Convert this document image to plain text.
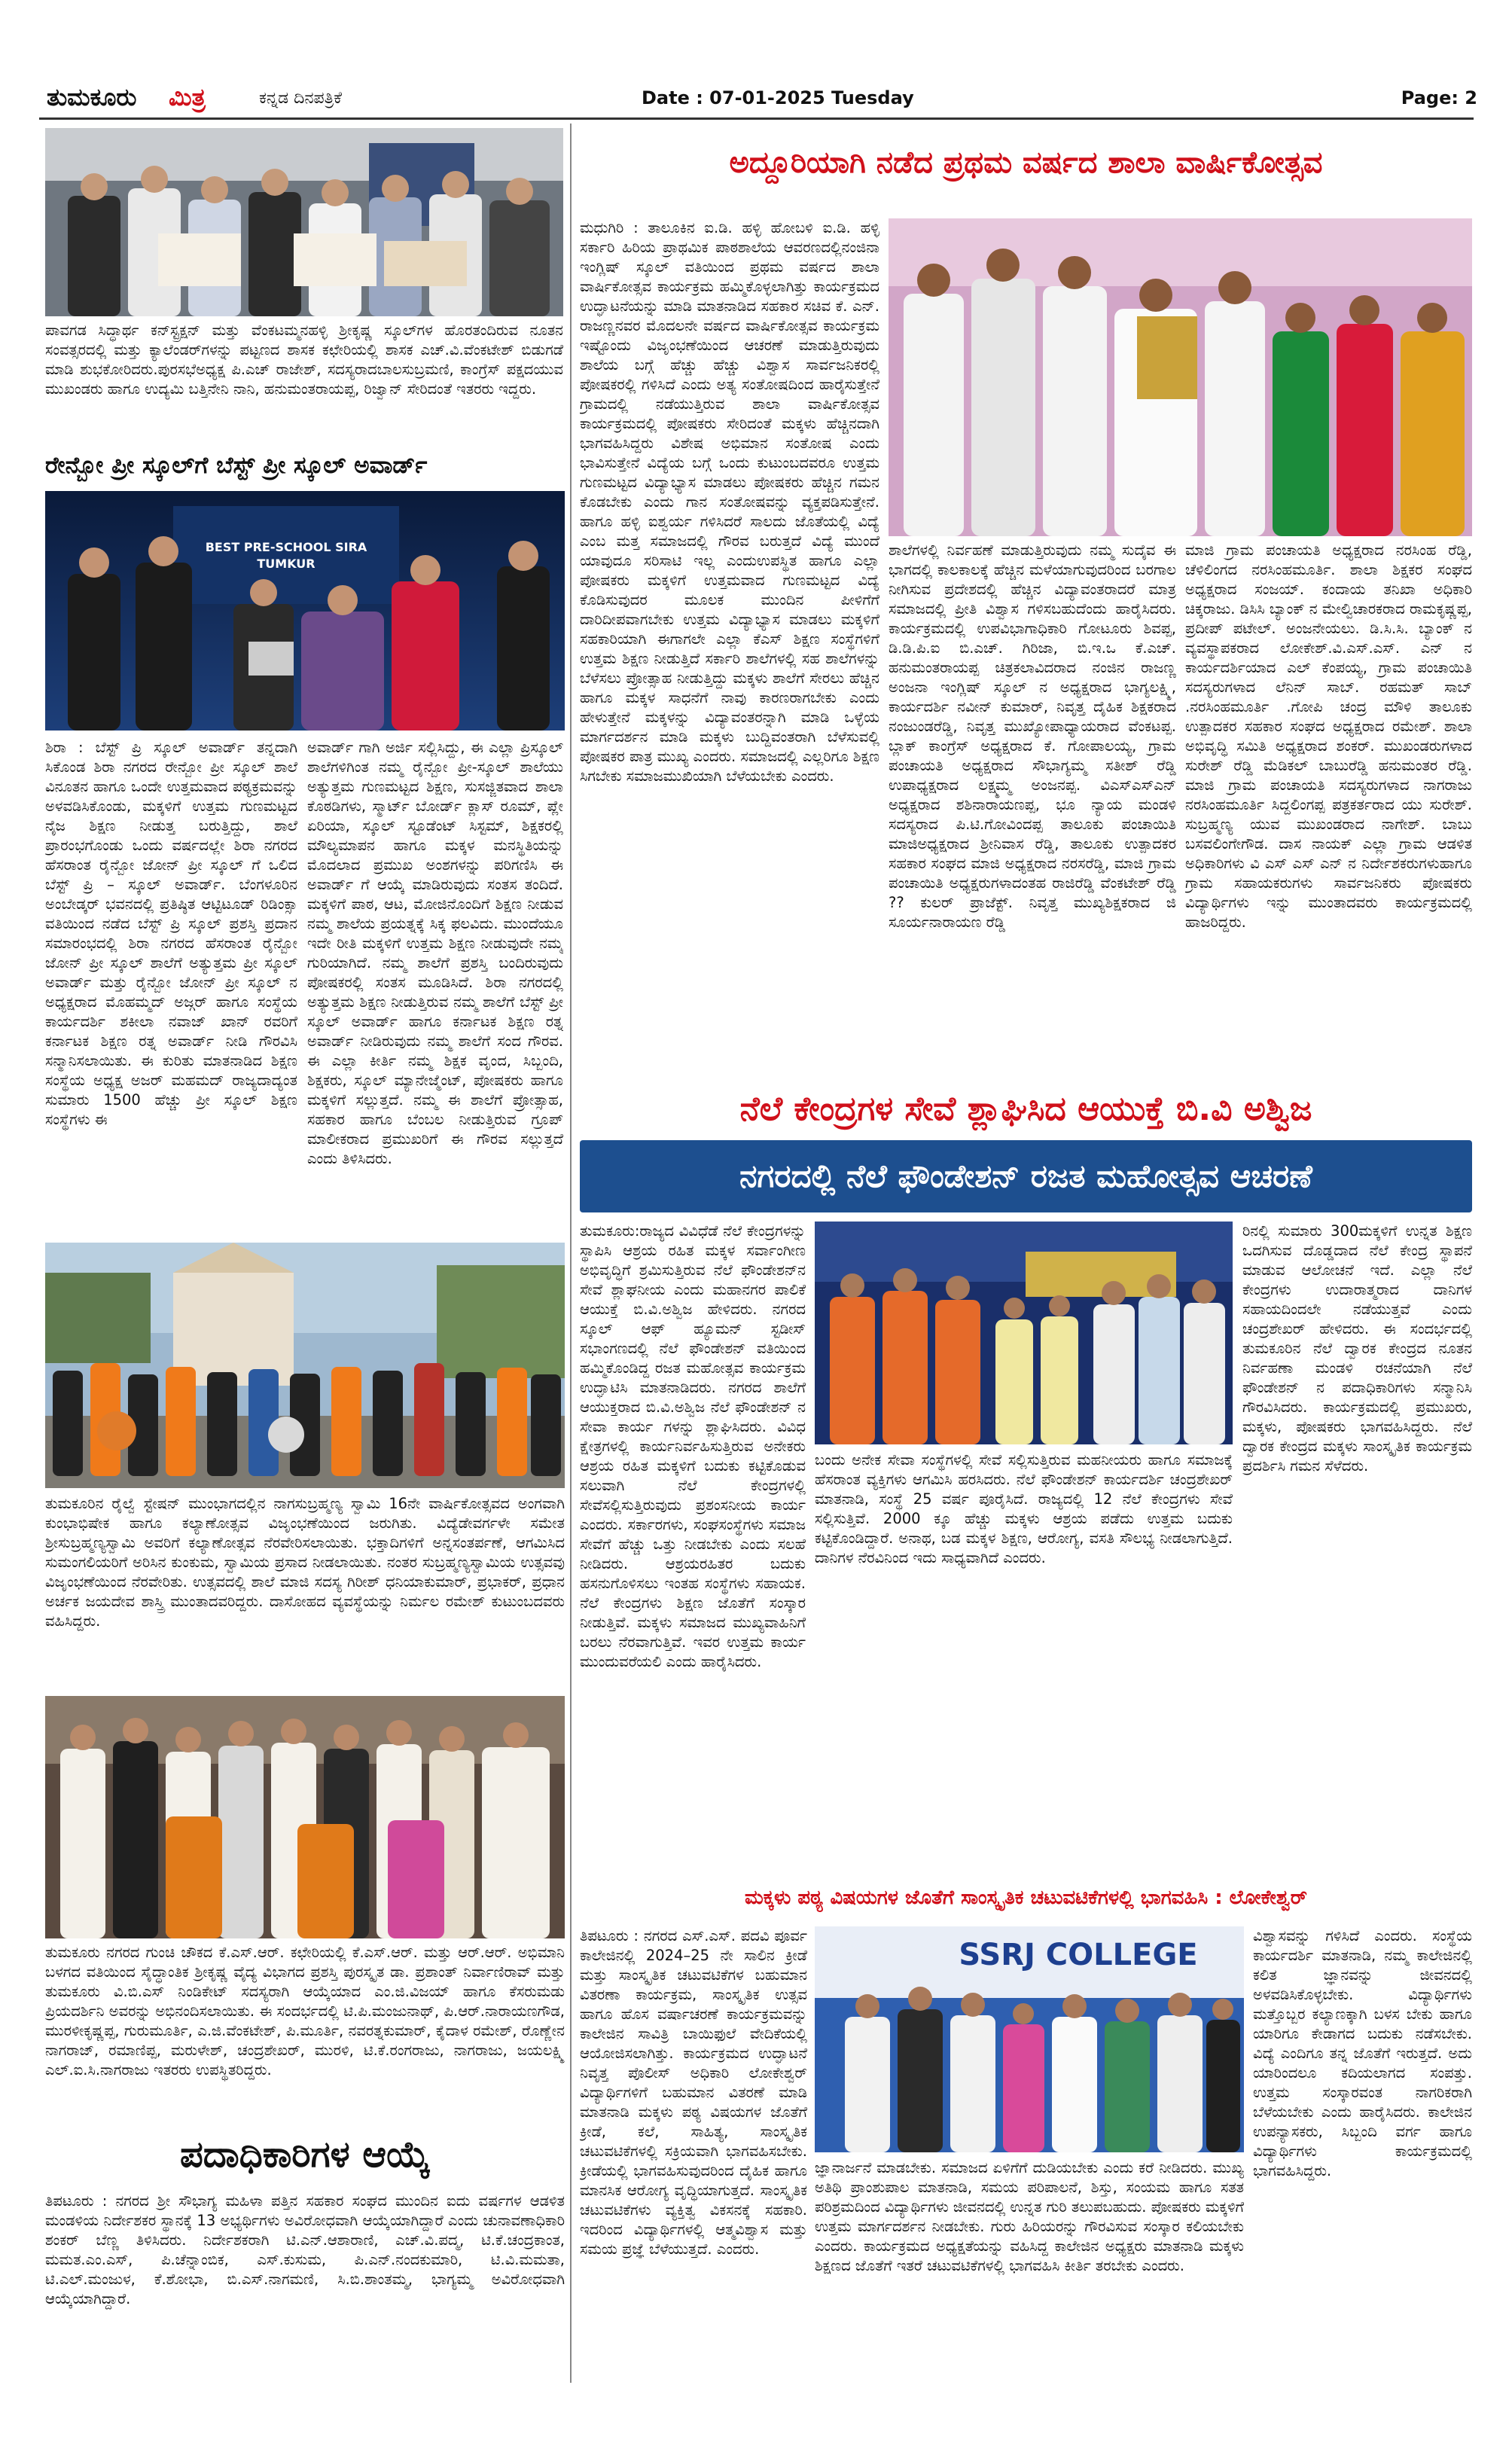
ತುಮಕೂರು ಮಿತ್ರ	ಕನ್ನಡ ದಿನಪತ್ರಿಕೆ	Date : 07-01-2025 Tuesday	Page: 2
ಪಾವಗಡ ಸಿದ್ಧಾರ್ಥ ಕನ್‌ಸ್ಟ್ರಕ್ಷನ್ ಮತ್ತು ವೆಂಕಟಮ್ಮನಹಳ್ಳಿ ಶ್ರೀಕೃಷ್ಣ ಸ್ಕೂಲ್‌ಗಳ ಹೊರತಂದಿರುವ ನೂತನ ಸಂವತ್ಸರದಲ್ಲಿ ಮತ್ತು ಕ್ಯಾಲೆಂಡರ್‌ಗಳನ್ನು ಪಟ್ಟಣದ ಶಾಸಕ ಕಛೇರಿಯಲ್ಲಿ ಶಾಸಕ ಎಚ್.ವಿ.ವೆಂಕಟೇಶ್ ಬಿಡುಗಡೆ ಮಾಡಿ ಶುಭಕೋರಿದರು.ಪುರಸಭೆಅಧ್ಯಕ್ಷ ಪಿ.ಎಚ್ ರಾಜೇಶ್, ಸದಸ್ಯರಾದಬಾಲಸುಬ್ರಮಣಿ, ಕಾಂಗ್ರೆಸ್ ಪಕ್ಷದಯುವ ಮುಖಂಡರು ಹಾಗೂ ಉದ್ಯಮಿ ಬತ್ತಿನೇನಿ ನಾನಿ, ಹನುಮಂತರಾಯಪ್ಪ, ರಿಜ್ವಾನ್ ಸೇರಿದಂತೆ ಇತರರು ಇದ್ದರು.
ರೇನ್ಬೋ ಪ್ರೀ ಸ್ಕೂಲ್‌ಗೆ ಬೆಸ್ಟ್ ಪ್ರೀ ಸ್ಕೂಲ್ ಅವಾರ್ಡ್
BEST PRE-SCHOOL SIRA TUMKUR
ಶಿರಾ : ಬೆಸ್ಟ್ ಪ್ರಿ ಸ್ಕೂಲ್ ಅವಾರ್ಡ್ ತನ್ನದಾಗಿ ಸಿಕೊಂಡ ಶಿರಾ ನಗರದ ರೇನ್ಬೋ ಪ್ರೀ ಸ್ಕೂಲ್ ಶಾಲೆ ವಿನೂತನ ಹಾಗೂ ಒಂದೇ ಉತ್ತಮವಾದ ಪಠ್ಯಕ್ರಮವನ್ನು ಅಳವಡಿಸಿಕೊಂಡು, ಮಕ್ಕಳಿಗೆ ಉತ್ತಮ ಗುಣಮಟ್ಟದ ನೈಜ ಶಿಕ್ಷಣ ನೀಡುತ್ತ ಬರುತ್ತಿದ್ದು, ಶಾಲೆ ಪ್ರಾರಂಭಗೊಂಡು ಒಂದು ವರ್ಷದಲ್ಲೇ ಶಿರಾ ನಗರದ ಹೆಸರಾಂತ ರೈನ್ಬೋ ಜೋನ್ ಪ್ರೀ ಸ್ಕೂಲ್ ಗೆ ಒಲಿದ ಬೆಸ್ಟ್ ಪ್ರಿ – ಸ್ಕೂಲ್ ಅವಾರ್ಡ್. ಬೆಂಗಳೂರಿನ ಅಂಬೇಡ್ಕರ್ ಭವನದಲ್ಲಿ ಪ್ರತಿಷ್ಠಿತ ಆಟ್ಟಿಟೂಡ್ ರಿಡಿಂಕ್ಸಾ ವತಿಯಿಂದ ನಡೆದ ಬೆಸ್ಟ್ ಪ್ರಿ ಸ್ಕೂಲ್ ಪ್ರಶಸ್ತಿ ಪ್ರದಾನ ಸಮಾರಂಭದಲ್ಲಿ ಶಿರಾ ನಗರದ ಹೆಸರಾಂತ ರೈನ್ಬೋ ಜೋನ್ ಪ್ರೀ ಸ್ಕೂಲ್ ಶಾಲೆಗೆ ಅತ್ಯುತ್ತಮ ಪ್ರೀ ಸ್ಕೂಲ್ ಅವಾರ್ಡ್ ಮತ್ತು ರೈನ್ಬೋ ಜೋನ್ ಪ್ರೀ ಸ್ಕೂಲ್ ನ ಅಧ್ಯಕ್ಷರಾದ ಮೊಹಮ್ಮದ್ ಅಜ್ಗರ್ ಹಾಗೂ ಸಂಸ್ಥೆಯ ಕಾರ್ಯದರ್ಶಿ ಶಕೀಲಾ ನವಾಜ್ ಖಾನ್ ರವರಿಗೆ ಕರ್ನಾಟಕ ಶಿಕ್ಷಣ ರತ್ನ ಅವಾರ್ಡ್ ನೀಡಿ ಗೌರವಿಸಿ ಸನ್ಮಾನಿಸಲಾಯಿತು. ಈ ಕುರಿತು ಮಾತನಾಡಿದ ಶಿಕ್ಷಣ ಸಂಸ್ಥೆಯ ಅಧ್ಯಕ್ಷ ಅಜರ್ ಮಹಮದ್ ರಾಜ್ಯದಾದ್ಯಂತ ಸುಮಾರು 1500 ಹೆಚ್ಚು ಪ್ರೀ ಸ್ಕೂಲ್ ಶಿಕ್ಷಣ ಸಂಸ್ಥೆಗಳು ಈ
ಅವಾರ್ಡ್ ಗಾಗಿ ಅರ್ಜಿ ಸಲ್ಲಿಸಿದ್ದು, ಈ ಎಲ್ಲಾ ಪ್ರಿಸ್ಕೂಲ್ ಶಾಲೆಗಳಿಗಿಂತ ನಮ್ಮ ರೈನ್ಬೋ ಪ್ರೀ-ಸ್ಕೂಲ್ ಶಾಲೆಯು ಅತ್ಯುತ್ತಮ ಗುಣಮಟ್ಟದ ಶಿಕ್ಷಣ, ಸುಸಜ್ಜಿತವಾದ ಶಾಲಾ ಕೊಠಡಿಗಳು, ಸ್ಮಾರ್ಟ್ ಬೋರ್ಡ್ ಕ್ಲಾಸ್ ರೂಮ್, ಪ್ಲೇ ಏರಿಯಾ, ಸ್ಕೂಲ್ ಸ್ಟೂಡೆಂಟ್ ಸಿಸ್ಟಮ್, ಶಿಕ್ಷಕರಲ್ಲಿ ಮೌಲ್ಯಮಾಪನ ಹಾಗೂ ಮಕ್ಕಳ ಮನಸ್ಥಿತಿಯನ್ನು ಮೊದಲಾದ ಪ್ರಮುಖ ಅಂಶಗಳನ್ನು ಪರಿಗಣಿಸಿ ಈ ಅವಾರ್ಡ್ ಗೆ ಆಯ್ಕೆ ಮಾಡಿರುವುದು ಸಂತಸ ತಂದಿದೆ. ಮಕ್ಕಳಿಗೆ ಪಾಠ, ಆಟ, ಮೋಜಿನೊಂದಿಗೆ ಶಿಕ್ಷಣ ನೀಡುವ ನಮ್ಮ ಶಾಲೆಯ ಪ್ರಯತ್ನಕ್ಕೆ ಸಿಕ್ಕ ಫಲವಿದು. ಮುಂದೆಯೂ ಇದೇ ರೀತಿ ಮಕ್ಕಳಿಗೆ ಉತ್ತಮ ಶಿಕ್ಷಣ ನೀಡುವುದೇ ನಮ್ಮ ಗುರಿಯಾಗಿದೆ. ನಮ್ಮ ಶಾಲೆಗೆ ಪ್ರಶಸ್ತಿ ಬಂದಿರುವುದು ಪೋಷಕರಲ್ಲಿ ಸಂತಸ ಮೂಡಿಸಿದೆ. ಶಿರಾ ನಗರದಲ್ಲಿ ಅತ್ಯುತ್ತಮ ಶಿಕ್ಷಣ ನೀಡುತ್ತಿರುವ ನಮ್ಮ ಶಾಲೆಗೆ ಬೆಸ್ಟ್ ಪ್ರೀ ಸ್ಕೂಲ್ ಅವಾರ್ಡ್ ಹಾಗೂ ಕರ್ನಾಟಕ ಶಿಕ್ಷಣ ರತ್ನ ಅವಾರ್ಡ್ ನೀಡಿರುವುದು ನಮ್ಮ ಶಾಲೆಗೆ ಸಂದ ಗೌರವ. ಈ ಎಲ್ಲಾ ಕೀರ್ತಿ ನಮ್ಮ ಶಿಕ್ಷಕ ವೃಂದ, ಸಿಬ್ಬಂದಿ, ಶಿಕ್ಷಕರು, ಸ್ಕೂಲ್ ಮ್ಯಾನೇಜ್ಮೆಂಟ್, ಪೋಷಕರು ಹಾಗೂ ಮಕ್ಕಳಿಗೆ ಸಲ್ಲುತ್ತದೆ. ನಮ್ಮ ಈ ಶಾಲೆಗೆ ಪ್ರೋತ್ಸಾಹ, ಸಹಕಾರ ಹಾಗೂ ಬೆಂಬಲ ನೀಡುತ್ತಿರುವ ಗ್ರೂಪ್ ಮಾಲೀಕರಾದ ಪ್ರಮುಖರಿಗೆ ಈ ಗೌರವ ಸಲ್ಲುತ್ತದೆ ಎಂದು ತಿಳಿಸಿದರು.
ತುಮಕೂರಿನ ರೈಲ್ವೆ ಸ್ಟೇಷನ್ ಮುಂಭಾಗದಲ್ಲಿನ ನಾಗಸುಬ್ರಹ್ಮಣ್ಯ ಸ್ವಾಮಿ 16ನೇ ವಾರ್ಷಿಕೋತ್ಸವದ ಅಂಗವಾಗಿ ಕುಂಭಾಭಿಷೇಕ ಹಾಗೂ ಕಲ್ಯಾಣೋತ್ಸವ ವಿಜೃಂಭಣೆಯಿಂದ ಜರುಗಿತು. ವಿದ್ಯೆಡೇವರ್ಗಳೇ ಸಮೇತ ಶ್ರೀಸುಬ್ರಹ್ಮಣ್ಯಸ್ವಾಮಿ ಅವರಿಗೆ ಕಲ್ಯಾಣೋತ್ಸವ ನೆರವೇರಿಸಲಾಯಿತು. ಭಕ್ತಾದಿಗಳಿಗೆ ಅನ್ನಸಂತರ್ಪಣೆ, ಆಗಮಿಸಿದ ಸುಮಂಗಲಿಯರಿಗೆ ಅರಿಸಿನ ಕುಂಕುಮ, ಸ್ವಾಮಿಯ ಪ್ರಸಾದ ನೀಡಲಾಯಿತು. ನಂತರ ಸುಬ್ರಹ್ಮಣ್ಯಸ್ವಾಮಿಯ ಉತ್ಸವವು ವಿಜೃಂಭಣೆಯಿಂದ ನೆರವೇರಿತು. ಉತ್ಸವದಲ್ಲಿ ಶಾಲೆ ಮಾಜಿ ಸದಸ್ಯ ಗಿರೀಶ್ ಧನಿಯಾಕುಮಾರ್, ಪ್ರಭಾಕರ್, ಪ್ರಧಾನ ಅರ್ಚಕ ಜಯದೇವ ಶಾಸ್ತ್ರಿ ಮುಂತಾದವರಿದ್ದರು. ದಾಸೋಹದ ವ್ಯವಸ್ಥೆಯನ್ನು ನಿರ್ಮಲ ರಮೇಶ್ ಕುಟುಂಬದವರು ವಹಿಸಿದ್ದರು.
ತುಮಕೂರು ನಗರದ ಗುಂಚಿ ಚೌಕದ ಕೆ.ಎಸ್.ಆರ್. ಕಛೇರಿಯಲ್ಲಿ ಕೆ.ಎಸ್.ಆರ್. ಮತ್ತು ಆರ್.ಆರ್. ಅಭಿಮಾನಿ ಬಳಗದ ವತಿಯಿಂದ ಸೈದ್ಧಾಂತಿಕ ಶ್ರೀಕೃಷ್ಣ ವೈದ್ಯ ವಿಭಾಗದ ಪ್ರಶಸ್ತಿ ಪುರಸ್ಕೃತ ಡಾ. ಪ್ರಶಾಂತ್ ನಿರ್ವಾಣಿರಾವ್ ಮತ್ತು ತುಮಕೂರು ವಿ.ಬಿ.ಎಸ್ ನಿಂಡಿಕೇಟ್ ಸದಸ್ಯರಾಗಿ ಆಯ್ಕೆಯಾದ ಎಂ.ಜಿ.ವಿಜಯ್ ಹಾಗೂ ಕೆಸರುಮಡು ಪ್ರಿಯದರ್ಶಿನಿ ಅವರನ್ನು ಅಭಿನಂದಿಸಲಾಯಿತು. ಈ ಸಂದರ್ಭದಲ್ಲಿ ಟಿ.ಪಿ.ಮಂಜುನಾಥ್, ಪಿ.ಆರ್.ನಾರಾಯಣಗೌಡ, ಮುರಳೀಕೃಷ್ಣಪ್ಪ, ಗುರುಮೂರ್ತಿ, ಎ.ಜಿ.ವೆಂಕಟೇಶ್, ಪಿ.ಮೂರ್ತಿ, ನವರತ್ನಕುಮಾರ್, ಕೈದಾಳ ರಮೇಶ್, ರೊಣ್ಣೇನ ನಾಗರಾಜ್, ರಮಾಣಿಪ್ಪ, ಮರುಳೇಶ್, ಚಂದ್ರಶೇಖರ್, ಮುರಳಿ, ಟಿ.ಕೆ.ರಂಗರಾಜು, ನಾಗರಾಜು, ಜಯಲಕ್ಷ್ಮಿ ಎಲ್.ಐ.ಸಿ.ನಾಗರಾಜು ಇತರರು ಉಪಸ್ಥಿತರಿದ್ದರು.
ಪದಾಧಿಕಾರಿಗಳ ಆಯ್ಕೆ
ತಿಪಟೂರು : ನಗರದ ಶ್ರೀ ಸೌಭಾಗ್ಯ ಮಹಿಳಾ ಪತ್ತಿನ ಸಹಕಾರ ಸಂಘದ ಮುಂದಿನ ಐದು ವರ್ಷಗಳ ಆಡಳಿತ ಮಂಡಳಿಯ ನಿರ್ದೇಶಕರ ಸ್ಥಾನಕ್ಕೆ 13 ಅಭ್ಯರ್ಥಿಗಳು ಅವಿರೋಧವಾಗಿ ಆಯ್ಕೆಯಾಗಿದ್ದಾರೆ ಎಂದು ಚುನಾವಣಾಧಿಕಾರಿ ಶಂಕರ್ ಬೆಣ್ಣ ತಿಳಿಸಿದರು. ನಿರ್ದೇಶಕರಾಗಿ ಟಿ.ಎನ್.ಆಶಾರಾಣಿ, ಎಚ್.ವಿ.ಪದ್ಮ, ಟಿ.ಕೆ.ಚಂದ್ರಕಾಂತ, ಮಮತ.ಎಂ.ಎಸ್, ಪಿ.ಚೆನ್ನಾಂಬಿಕ, ಎಸ್.ಕುಸುಮ, ಪಿ.ಎನ್.ನಂದಕುಮಾರಿ, ಟಿ.ವಿ.ಮಮತಾ, ಟಿ.ಎಲ್.ಮಂಜುಳ, ಕೆ.ಶೋಭಾ, ಬಿ.ಎಸ್.ನಾಗಮಣಿ, ಸಿ.ಬಿ.ಶಾಂತಮ್ಮ, ಭಾಗ್ಯಮ್ಮ ಅವಿರೋಧವಾಗಿ ಆಯ್ಕೆಯಾಗಿದ್ದಾರೆ.
ಅದ್ದೂರಿಯಾಗಿ ನಡೆದ ಪ್ರಥಮ ವರ್ಷದ ಶಾಲಾ ವಾರ್ಷಿಕೋತ್ಸವ
ಮಧುಗಿರಿ : ತಾಲೂಕಿನ ಐ.ಡಿ. ಹಳ್ಳಿ ಹೋಬಳಿ ಐ.ಡಿ. ಹಳ್ಳಿ ಸರ್ಕಾರಿ ಹಿರಿಯ ಪ್ರಾಥಮಿಕ ಪಾಠಶಾಲೆಯ ಆವರಣದಲ್ಲಿನಂಜಿನಾ ಇಂಗ್ಲಿಷ್ ಸ್ಕೂಲ್ ವತಿಯಿಂದ ಪ್ರಥಮ ವರ್ಷದ ಶಾಲಾ ವಾರ್ಷಿಕೋತ್ಸವ ಕಾರ್ಯಕ್ರಮ ಹಮ್ಮಿಕೊಳ್ಳಲಾಗಿತ್ತು ಕಾರ್ಯಕ್ರಮದ ಉದ್ಘಾಟನೆಯನ್ನು ಮಾಡಿ ಮಾತನಾಡಿದ ಸಹಕಾರ ಸಚಿವ ಕೆ. ಎನ್. ರಾಜಣ್ಣನವರ ಮೊದಲನೇ ವರ್ಷದ ವಾರ್ಷಿಕೋತ್ಸವ ಕಾರ್ಯಕ್ರಮ ಇಷ್ಟೊಂದು ವಿಜೃಂಭಣೆಯಿಂದ ಆಚರಣೆ ಮಾಡುತ್ತಿರುವುದು ಶಾಲೆಯ ಬಗ್ಗೆ ಹೆಚ್ಚು ಹೆಚ್ಚು ವಿಶ್ವಾಸ ಸಾರ್ವಜನಿಕರಲ್ಲಿ ಪೋಷಕರಲ್ಲಿ ಗಳಿಸಿದೆ ಎಂದು ಅತ್ಯ ಸಂತೋಷದಿಂದ ಹಾರೈಸುತ್ತೇನೆ ಗ್ರಾಮದಲ್ಲಿ ನಡೆಯುತ್ತಿರುವ ಶಾಲಾ ವಾರ್ಷಿಕೋತ್ಸವ ಕಾರ್ಯಕ್ರಮದಲ್ಲಿ ಪೋಷಕರು ಸೇರಿದಂತೆ ಮಕ್ಕಳು ಹೆಚ್ಚಿನದಾಗಿ ಭಾಗವಹಿಸಿದ್ದರು ವಿಶೇಷ ಅಭಿಮಾನ ಸಂತೋಷ ಎಂದು ಭಾವಿಸುತ್ತೇನೆ ವಿದ್ಯೆಯ ಬಗ್ಗೆ ಒಂದು ಕುಟುಂಬದವರೂ ಉತ್ತಮ ಗುಣಮಟ್ಟದ ವಿದ್ಯಾಭ್ಯಾಸ ಮಾಡಲು ಪೋಷಕರು ಹೆಚ್ಚಿನ ಗಮನ ಕೊಡಬೇಕು ಎಂದು ಗಾನ ಸಂತೋಷವನ್ನು ವ್ಯಕ್ತಪಡಿಸುತ್ತೇನೆ. ಹಾಗೂ ಹಳ್ಳಿ ಐಶ್ವರ್ಯ ಗಳಿಸಿದರೆ ಸಾಲದು ಜೊತೆಯಲ್ಲಿ ವಿದ್ಯೆ ಎಂಬ ಮತ್ತ ಸಮಾಜದಲ್ಲಿ ಗೌರವ ಬರುತ್ತದೆ ವಿದ್ಯೆ ಮುಂದೆ ಯಾವುದೂ ಸರಿಸಾಟಿ ಇಲ್ಲ ಎಂದುಉಪಸ್ಥಿತ ಹಾಗೂ ಎಲ್ಲಾ ಪೋಷಕರು ಮಕ್ಕಳಿಗೆ ಉತ್ತಮವಾದ ಗುಣಮಟ್ಟದ ವಿದ್ಯೆ ಕೊಡಿಸುವುದರ ಮೂಲಕ ಮುಂದಿನ ಪೀಳಿಗೆಗೆ ದಾರಿದೀಪವಾಗಬೇಕು ಉತ್ತಮ ವಿದ್ಯಾಭ್ಯಾಸ ಮಾಡಲು ಮಕ್ಕಳಿಗೆ ಸಹಕಾರಿಯಾಗಿ ಈಗಾಗಲೇ ಎಲ್ಲಾ ಕೆಎಸ್ ಶಿಕ್ಷಣ ಸಂಸ್ಥೆಗಳಿಗೆ ಉತ್ತಮ ಶಿಕ್ಷಣ ನೀಡುತ್ತಿದೆ ಸರ್ಕಾರಿ ಶಾಲೆಗಳಲ್ಲಿ ಸಹ ಶಾಲೆಗಳನ್ನು ಬೆಳೆಸಲು ಪ್ರೋತ್ಸಾಹ ನೀಡುತ್ತಿದ್ದು ಮಕ್ಕಳು ಶಾಲೆಗೆ ಸೇರಲು ಹೆಚ್ಚಿನ ಹಾಗೂ ಮಕ್ಕಳ ಸಾಧನೆಗೆ ನಾವು ಕಾರಣರಾಗಬೇಕು ಎಂದು ಹೇಳುತ್ತೇನೆ ಮಕ್ಕಳನ್ನು ವಿದ್ಯಾವಂತರನ್ನಾಗಿ ಮಾಡಿ ಒಳ್ಳೆಯ ಮಾರ್ಗದರ್ಶನ ಮಾಡಿ ಮಕ್ಕಳು ಬುದ್ದಿವಂತರಾಗಿ ಬೆಳೆಸುವಲ್ಲಿ ಪೋಷಕರ ಪಾತ್ರ ಮುಖ್ಯ ಎಂದರು. ಸಮಾಜದಲ್ಲಿ ಎಲ್ಲರಿಗೂ ಶಿಕ್ಷಣ ಸಿಗಬೇಕು ಸಮಾಜಮುಖಿಯಾಗಿ ಬೆಳೆಯಬೇಕು ಎಂದರು.
ಶಾಲೆಗಳಲ್ಲಿ ನಿರ್ವಹಣೆ ಮಾಡುತ್ತಿರುವುದು ನಮ್ಮ ಸುದೈವ ಈ ಭಾಗದಲ್ಲಿ ಕಾಲಕಾಲಕ್ಕೆ ಹೆಚ್ಚಿನ ಮಳೆಯಾಗುವುದರಿಂದ ಬರಗಾಲ ನೀಗಿಸುವ ಪ್ರದೇಶದಲ್ಲಿ ಹೆಚ್ಚಿನ ವಿದ್ಯಾವಂತರಾದರೆ ಮಾತ್ರ ಸಮಾಜದಲ್ಲಿ ಪ್ರೀತಿ ವಿಶ್ವಾಸ ಗಳಿಸಬಹುದೆಂದು ಹಾರೈಸಿದರು. ಕಾರ್ಯಕ್ರಮದಲ್ಲಿ ಉಪವಿಭಾಗಾಧಿಕಾರಿ ಗೋಟೂರು ಶಿವಪ್ಪ, ಡಿ.ಡಿ.ಪಿ.ಐ ಬಿ.ಎಚ್. ಗಿರಿಜಾ, ಬಿ.ಇ.ಒ ಕೆ.ಎಚ್. ಹನುಮಂತರಾಯಪ್ಪ ಚಿತ್ರಕಲಾವಿದರಾದ ನಂಜಿನ ರಾಜಣ್ಣ ಅಂಜನಾ ಇಂಗ್ಲಿಷ್ ಸ್ಕೂಲ್ ನ ಅಧ್ಯಕ್ಷರಾದ ಭಾಗ್ಯಲಕ್ಷ್ಮಿ, ಕಾರ್ಯದರ್ಶಿ ನವೀನ್ ಕುಮಾರ್, ನಿವೃತ್ತ ದೈಹಿಕ ಶಿಕ್ಷಕರಾದ ನಂಜುಂಡರೆಡ್ಡಿ, ನಿವೃತ್ತ ಮುಖ್ಯೋಪಾಧ್ಯಾಯರಾದ ವೆಂಕಟಪ್ಪ. ಬ್ಲಾಕ್ ಕಾಂಗ್ರೆಸ್ ಅಧ್ಯಕ್ಷರಾದ ಕೆ. ಗೋಪಾಲಯ್ಯ, ಗ್ರಾಮ ಪಂಚಾಯತಿ ಅಧ್ಯಕ್ಷರಾದ ಸೌಭಾಗ್ಯಮ್ಮ ಸತೀಶ್ ರೆಡ್ಡಿ ಉಪಾಧ್ಯಕ್ಷರಾದ ಲಕ್ಷ್ಮಮ್ಮ ಅಂಜನಪ್ಪ. ವಿಎಸ್‌ಎಸ್ಎನ್ ಅಧ್ಯಕ್ಷರಾದ ಶಶಿನಾರಾಯಣಪ್ಪ, ಭೂ ನ್ಯಾಯ ಮಂಡಳಿ ಸದಸ್ಯರಾದ ಪಿ.ಟಿ.ಗೋವಿಂದಪ್ಪ ತಾಲೂಕು ಪಂಚಾಯಿತಿ ಮಾಜಿಅಧ್ಯಕ್ಷರಾದ ಶ್ರೀನಿವಾಸ ರೆಡ್ಡಿ, ತಾಲೂಕು ಉತ್ಪಾದಕರ ಸಹಕಾರ ಸಂಘದ ಮಾಜಿ ಅಧ್ಯಕ್ಷರಾದ ನರಸರೆಡ್ಡಿ, ಮಾಜಿ ಗ್ರಾಮ ಪಂಚಾಯಿತಿ ಅಧ್ಯಕ್ಷರುಗಳಾದಂತಹ ರಾಜಿರೆಡ್ಡಿ ವೆಂಕಟೇಶ್ ರೆಡ್ಡಿ ?? ಕುಲರ್ ಪ್ರಾಜೆಕ್ಟ್. ನಿವೃತ್ತ ಮುಖ್ಯಶಿಕ್ಷಕರಾದ ಜಿ ಸೂರ್ಯನಾರಾಯಣ ರೆಡ್ಡಿ
ಮಾಜಿ ಗ್ರಾಮ ಪಂಚಾಯತಿ ಅಧ್ಯಕ್ಷರಾದ ನರಸಿಂಹ ರೆಡ್ಡಿ, ಚೆಳಿಲಿಂಗದ ನರಸಿಂಹಮೂರ್ತಿ. ಶಾಲಾ ಶಿಕ್ಷಕರ ಸಂಘದ ಅಧ್ಯಕ್ಷರಾದ ಸಂಜಯ್. ಕಂದಾಯ ತನಿಖಾ ಅಧಿಕಾರಿ ಚಿಕ್ಕರಾಜು. ಡಿಸಿಸಿ ಬ್ಯಾಂಕ್ ನ ಮೇಲ್ವಿಚಾರಕರಾದ ರಾಮಕೃಷ್ಣಪ್ಪ, ಪ್ರದೀಪ್ ಪಟೇಲ್. ಅಂಜನೇಯಲು. ಡಿ.ಸಿ.ಸಿ. ಬ್ಯಾಂಕ್ ನ ವ್ಯವಸ್ಥಾಪಕರಾದ ಲೋಕೇಶ್.ವಿ.ಎಸ್.ಎಸ್. ಎನ್ ನ ಕಾರ್ಯದರ್ಶಿಯಾದ ಎಲ್ ಕೆಂಪಯ್ಯ, ಗ್ರಾಮ ಪಂಚಾಯಿತಿ ಸದಸ್ಯರುಗಳಾದ ಲೆನಿನ್ ಸಾಬ್. ರಹಮತ್ ಸಾಬ್ .ನರಸಿಂಹಮೂರ್ತಿ .ಗೋಪಿ ಚಂದ್ರ ಮೌಳಿ ತಾಲೂಕು ಉತ್ಪಾದಕರ ಸಹಕಾರ ಸಂಘದ ಅಧ್ಯಕ್ಷರಾದ ರಮೇಶ್. ಶಾಲಾ ಅಭಿವೃದ್ಧಿ ಸಮಿತಿ ಅಧ್ಯಕ್ಷರಾದ ಶಂಕರ್. ಮುಖಂಡರುಗಳಾದ ಸುರೇಶ್ ರೆಡ್ಡಿ ಮೆಡಿಕಲ್ ಬಾಬುರೆಡ್ಡಿ ಹನುಮಂತರ ರೆಡ್ಡಿ. ಮಾಜಿ ಗ್ರಾಮ ಪಂಚಾಯತಿ ಸದಸ್ಯರುಗಳಾದ ನಾಗರಾಜು ನರಸಿಂಹಮೂರ್ತಿ ಸಿದ್ದಲಿಂಗಪ್ಪ ಪತ್ರಕರ್ತರಾದ ಯು ಸುರೇಶ್. ಸುಬ್ರಹ್ಮಣ್ಯ ಯುವ ಮುಖಂಡರಾದ ನಾಗೇಶ್. ಬಾಬು ಬಸವಲಿಂಗೇಗೌಡ. ದಾಸ ನಾಯಕ್ ಎಲ್ಲಾ ಗ್ರಾಮ ಆಡಳಿತ ಅಧಿಕಾರಿಗಳು ವಿ ಎಸ್ ಎಸ್ ಎನ್ ನ ನಿರ್ದೇಶಕರುಗಳುಹಾಗೂ ಗ್ರಾಮ ಸಹಾಯಕರುಗಳು ಸಾರ್ವಜನಿಕರು ಪೋಷಕರು ವಿದ್ಯಾರ್ಥಿಗಳು ಇನ್ನು ಮುಂತಾದವರು ಕಾರ್ಯಕ್ರಮದಲ್ಲಿ ಹಾಜರಿದ್ದರು.
ನೆಲೆ ಕೇಂದ್ರಗಳ ಸೇವೆ ಶ್ಲಾಘಿಸಿದ ಆಯುಕ್ತೆ ಬಿ.ವಿ ಅಶ್ವಿಜ
ನಗರದಲ್ಲಿ ನೆಲೆ ಫೌಂಡೇಶನ್ ರಜತ ಮಹೋತ್ಸವ ಆಚರಣೆ
ತುಮಕೂರು:ರಾಜ್ಯದ ವಿವಿಧೆಡೆ ನೆಲೆ ಕೇಂದ್ರಗಳನ್ನು ಸ್ಥಾಪಿಸಿ ಆಶ್ರಯ ರಹಿತ ಮಕ್ಕಳ ಸರ್ವಾಂಗೀಣ ಅಭಿವೃದ್ಧಿಗೆ ಶ್ರಮಿಸುತ್ತಿರುವ ನೆಲೆ ಫೌಂಡೇಶನ್‌ನ ಸೇವೆ ಶ್ಲಾಘನೀಯ ಎಂದು ಮಹಾನಗರ ಪಾಲಿಕೆ ಆಯುಕ್ತೆ ಬಿ.ವಿ.ಅಶ್ವಿಜ ಹೇಳಿದರು. ನಗರದ ಸ್ಕೂಲ್ ಆಫ್ ಹ್ಯೂಮನ್ ಸ್ಟಡೀಸ್ ಸಭಾಂಗಣದಲ್ಲಿ ನೆಲೆ ಫೌಂಡೇಶನ್ ವತಿಯಿಂದ ಹಮ್ಮಿಕೊಂಡಿದ್ದ ರಜತ ಮಹೋತ್ಸವ ಕಾರ್ಯಕ್ರಮ ಉದ್ಘಾಟಿಸಿ ಮಾತನಾಡಿದರು. ನಗರದ ಶಾಲೆಗೆ ಆಯುಕ್ತರಾದ ಬಿ.ವಿ.ಅಶ್ವಿಜ ನೆಲೆ ಫೌಂಡೇಶನ್ ನ ಸೇವಾ ಕಾರ್ಯ ಗಳನ್ನು ಶ್ಲಾಘಿಸಿದರು. ವಿವಿಧ ಕ್ಷೇತ್ರಗಳಲ್ಲಿ ಕಾರ್ಯನಿರ್ವಹಿಸುತ್ತಿರುವ ಅನೇಕರು ಆಶ್ರಯ ರಹಿತ ಮಕ್ಕಳಿಗೆ ಬದುಕು ಕಟ್ಟಿಕೊಡುವ ಸಲುವಾಗಿ ನೆಲೆ ಕೇಂದ್ರಗಳಲ್ಲಿ ಸೇವೆಸಲ್ಲಿಸುತ್ತಿರುವುದು ಪ್ರಶಂಸನೀಯ ಕಾರ್ಯ ಎಂದರು. ಸರ್ಕಾರಗಳು, ಸಂಘಸಂಸ್ಥೆಗಳು ಸಮಾಜ ಸೇವೆಗೆ ಹೆಚ್ಚು ಒತ್ತು ನೀಡಬೇಕು ಎಂದು ಸಲಹೆ ನೀಡಿದರು. ಆಶ್ರಯರಹಿತರ ಬದುಕು ಹಸನುಗೊಳಿಸಲು ಇಂತಹ ಸಂಸ್ಥೆಗಳು ಸಹಾಯಕ. ನೆಲೆ ಕೇಂದ್ರಗಳು ಶಿಕ್ಷಣ ಜೊತೆಗೆ ಸಂಸ್ಕಾರ ನೀಡುತ್ತಿವೆ. ಮಕ್ಕಳು ಸಮಾಜದ ಮುಖ್ಯವಾಹಿನಿಗೆ ಬರಲು ನೆರವಾಗುತ್ತಿವೆ. ಇವರ ಉತ್ತಮ ಕಾರ್ಯ ಮುಂದುವರೆಯಲಿ ಎಂದು ಹಾರೈಸಿದರು.
ಬಂದು ಅನೇಕ ಸೇವಾ ಸಂಸ್ಥೆಗಳಲ್ಲಿ ಸೇವೆ ಸಲ್ಲಿಸುತ್ತಿರುವ ಮಹನೀಯರು ಹಾಗೂ ಸಮಾಜಕ್ಕೆ ಹೆಸರಾಂತ ವ್ಯಕ್ತಿಗಳು ಆಗಮಿಸಿ ಹರಸಿದರು. ನೆಲೆ ಫೌಂಡೇಶನ್ ಕಾರ್ಯದರ್ಶಿ ಚಂದ್ರಶೇಖರ್ ಮಾತನಾಡಿ, ಸಂಸ್ಥೆ 25 ವರ್ಷ ಪೂರೈಸಿದೆ. ರಾಜ್ಯದಲ್ಲಿ 12 ನೆಲೆ ಕೇಂದ್ರಗಳು ಸೇವೆ ಸಲ್ಲಿಸುತ್ತಿವೆ. 2000 ಕ್ಕೂ ಹೆಚ್ಚು ಮಕ್ಕಳು ಆಶ್ರಯ ಪಡೆದು ಉತ್ತಮ ಬದುಕು ಕಟ್ಟಿಕೊಂಡಿದ್ದಾರೆ. ಅನಾಥ, ಬಡ ಮಕ್ಕಳ ಶಿಕ್ಷಣ, ಆರೋಗ್ಯ, ವಸತಿ ಸೌಲಭ್ಯ ನೀಡಲಾಗುತ್ತಿದೆ. ದಾನಿಗಳ ನೆರವಿನಿಂದ ಇದು ಸಾಧ್ಯವಾಗಿದೆ ಎಂದರು.
ರಿನಲ್ಲಿ ಸುಮಾರು 300ಮಕ್ಕಳಿಗೆ ಉನ್ನತ ಶಿಕ್ಷಣ ಒದಗಿಸುವ ದೊಡ್ಡದಾದ ನೆಲೆ ಕೇಂದ್ರ ಸ್ಥಾಪನೆ ಮಾಡುವ ಆಲೋಚನೆ ಇದೆ. ಎಲ್ಲಾ ನೆಲೆ ಕೇಂದ್ರಗಳು ಉದಾರಾತ್ಮರಾದ ದಾನಿಗಳ ಸಹಾಯದಿಂದಲೇ ನಡೆಯುತ್ತವೆ ಎಂದು ಚಂದ್ರಶೇಖರ್ ಹೇಳಿದರು. ಈ ಸಂದರ್ಭದಲ್ಲಿ ತುಮಕೂರಿನ ನೆಲೆ ದ್ವಾರಕ ಕೇಂದ್ರದ ನೂತನ ನಿರ್ವಹಣಾ ಮಂಡಳಿ ರಚನೆಯಾಗಿ ನೆಲೆ ಫೌಂಡೇಶನ್ ನ ಪದಾಧಿಕಾರಿಗಳು ಸನ್ಮಾನಿಸಿ ಗೌರವಿಸಿದರು. ಕಾರ್ಯಕ್ರಮದಲ್ಲಿ ಪ್ರಮುಖರು, ಮಕ್ಕಳು, ಪೋಷಕರು ಭಾಗವಹಿಸಿದ್ದರು. ನೆಲೆ ದ್ವಾರಕ ಕೇಂದ್ರದ ಮಕ್ಕಳು ಸಾಂಸ್ಕೃತಿಕ ಕಾರ್ಯಕ್ರಮ ಪ್ರದರ್ಶಿಸಿ ಗಮನ ಸೆಳೆದರು.
ಮಕ್ಕಳು ಪಠ್ಯ ವಿಷಯಗಳ ಜೊತೆಗೆ ಸಾಂಸ್ಕೃತಿಕ ಚಟುವಟಿಕೆಗಳಲ್ಲಿ ಭಾಗವಹಿಸಿ : ಲೋಕೇಶ್ವರ್
ತಿಪಟೂರು : ನಗರದ ಎಸ್.ಎಸ್. ಪದವಿ ಪೂರ್ವ ಕಾಲೇಜಿನಲ್ಲಿ 2024–25 ನೇ ಸಾಲಿನ ಕ್ರೀಡೆ ಮತ್ತು ಸಾಂಸ್ಕೃತಿಕ ಚಟುವಟಿಕೆಗಳ ಬಹುಮಾನ ವಿತರಣಾ ಕಾರ್ಯಕ್ರಮ, ಸಾಂಸ್ಕೃತಿಕ ಉತ್ಸವ ಹಾಗೂ ಹೊಸ ವರ್ಷಾಚರಣೆ ಕಾರ್ಯಕ್ರಮವನ್ನು ಕಾಲೇಜಿನ ಸಾವಿತ್ರಿ ಬಾಯಿಫುಲೆ ವೇದಿಕೆಯಲ್ಲಿ ಆಯೋಜಿಸಲಾಗಿತ್ತು. ಕಾರ್ಯಕ್ರಮದ ಉದ್ಘಾಟನೆ ನಿವೃತ್ತ ಪೊಲೀಸ್ ಅಧಿಕಾರಿ ಲೋಕೇಶ್ವರ್ ವಿದ್ಯಾರ್ಥಿಗಳಿಗೆ ಬಹುಮಾನ ವಿತರಣೆ ಮಾಡಿ ಮಾತನಾಡಿ ಮಕ್ಕಳು ಪಠ್ಯ ವಿಷಯಗಳ ಜೊತೆಗೆ ಕ್ರೀಡೆ, ಕಲೆ, ಸಾಹಿತ್ಯ, ಸಾಂಸ್ಕೃತಿಕ ಚಟುವಟಿಕೆಗಳಲ್ಲಿ ಸಕ್ರಿಯವಾಗಿ ಭಾಗವಹಿಸಬೇಕು. ಕ್ರೀಡೆಯಲ್ಲಿ ಭಾಗವಹಿಸುವುದರಿಂದ ದೈಹಿಕ ಹಾಗೂ ಮಾನಸಿಕ ಆರೋಗ್ಯ ವೃದ್ಧಿಯಾಗುತ್ತದೆ. ಸಾಂಸ್ಕೃತಿಕ ಚಟುವಟಿಕೆಗಳು ವ್ಯಕ್ತಿತ್ವ ವಿಕಸನಕ್ಕೆ ಸಹಕಾರಿ. ಇದರಿಂದ ವಿದ್ಯಾರ್ಥಿಗಳಲ್ಲಿ ಆತ್ಮವಿಶ್ವಾಸ ಮತ್ತು ಸಮಯ ಪ್ರಜ್ಞೆ ಬೆಳೆಯುತ್ತದೆ. ಎಂದರು.
SSRJ COLLEGE
ಜ್ಞಾನಾರ್ಜನೆ ಮಾಡಬೇಕು. ಸಮಾಜದ ಏಳಿಗೆಗೆ ದುಡಿಯಬೇಕು ಎಂದು ಕರೆ ನೀಡಿದರು. ಮುಖ್ಯ ಅತಿಥಿ ಪ್ರಾಂಶುಪಾಲ ಮಾತನಾಡಿ, ಸಮಯ ಪರಿಪಾಲನೆ, ಶಿಸ್ತು, ಸಂಯಮ ಹಾಗೂ ಸತತ ಪರಿಶ್ರಮದಿಂದ ವಿದ್ಯಾರ್ಥಿಗಳು ಜೀವನದಲ್ಲಿ ಉನ್ನತ ಗುರಿ ತಲುಪಬಹುದು. ಪೋಷಕರು ಮಕ್ಕಳಿಗೆ ಉತ್ತಮ ಮಾರ್ಗದರ್ಶನ ನೀಡಬೇಕು. ಗುರು ಹಿರಿಯರನ್ನು ಗೌರವಿಸುವ ಸಂಸ್ಕಾರ ಕಲಿಯಬೇಕು ಎಂದರು. ಕಾರ್ಯಕ್ರಮದ ಅಧ್ಯಕ್ಷತೆಯನ್ನು ವಹಿಸಿದ್ದ ಕಾಲೇಜಿನ ಅಧ್ಯಕ್ಷರು ಮಾತನಾಡಿ ಮಕ್ಕಳು ಶಿಕ್ಷಣದ ಜೊತೆಗೆ ಇತರೆ ಚಟುವಟಿಕೆಗಳಲ್ಲಿ ಭಾಗವಹಿಸಿ ಕೀರ್ತಿ ತರಬೇಕು ಎಂದರು.
ವಿಶ್ವಾಸವನ್ನು ಗಳಿಸಿದೆ ಎಂದರು. ಸಂಸ್ಥೆಯ ಕಾರ್ಯದರ್ಶಿ ಮಾತನಾಡಿ, ನಮ್ಮ ಕಾಲೇಜಿನಲ್ಲಿ ಕಲಿತ ಜ್ಞಾನವನ್ನು ಜೀವನದಲ್ಲಿ ಅಳವಡಿಸಿಕೊಳ್ಳಬೇಕು. ವಿದ್ಯಾರ್ಥಿಗಳು ಮತ್ತೊಬ್ಬರ ಕಲ್ಯಾಣಕ್ಕಾಗಿ ಬಳಸ ಬೇಕು ಹಾಗೂ ಯಾರಿಗೂ ಕೇಡಾಗದ ಬದುಕು ನಡೆಸಬೇಕು. ವಿದ್ಯೆ ಎಂದಿಗೂ ತನ್ನ ಜೊತೆಗೆ ಇರುತ್ತದೆ. ಅದು ಯಾರಿಂದಲೂ ಕದಿಯಲಾಗದ ಸಂಪತ್ತು. ಉತ್ತಮ ಸಂಸ್ಕಾರವಂತ ನಾಗರಿಕರಾಗಿ ಬೆಳೆಯಬೇಕು ಎಂದು ಹಾರೈಸಿದರು. ಕಾಲೇಜಿನ ಉಪನ್ಯಾಸಕರು, ಸಿಬ್ಬಂದಿ ವರ್ಗ ಹಾಗೂ ವಿದ್ಯಾರ್ಥಿಗಳು ಕಾರ್ಯಕ್ರಮದಲ್ಲಿ ಭಾಗವಹಿಸಿದ್ದರು.
